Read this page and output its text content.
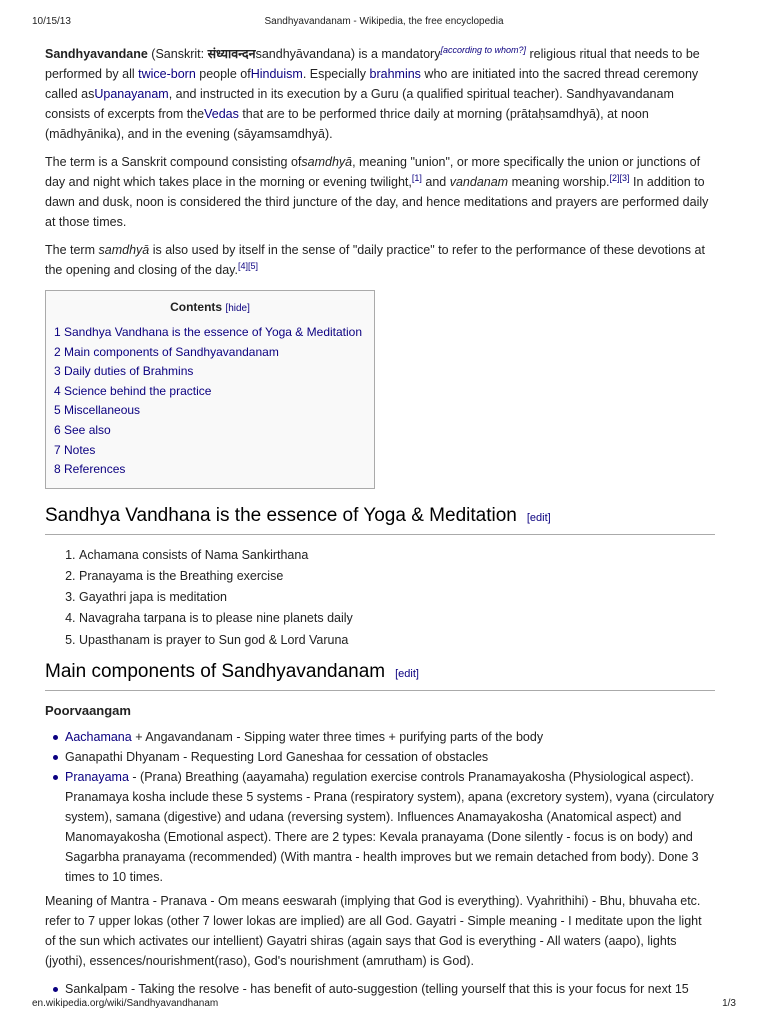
10/15/13	Sandhyavandanam - Wikipedia, the free encyclopedia

Sandhyavandane (Sanskrit: संध्यावन्दनsandhyāvandana) is a mandatory[according to whom?] religious ritual that needs to be performed by all twice-born people ofHinduism. Especially brahmins who are initiated into the sacred thread ceremony called asUpanayanam, and instructed in its execution by a Guru (a qualified spiritual teacher). Sandhyavandanam consists of excerpts from theVedas that are to be performed thrice daily at morning (prātaḥsamdhyā), at noon (mādhyānika), and in the evening (sāyamsamdhyā).

The term is a Sanskrit compound consisting ofsamdhyā, meaning "union", or more specifically the union or junctions of day and night which takes place in the morning or evening twilight,[1] and vandanam meaning worship.[2][3] In addition to dawn and dusk, noon is considered the third juncture of the day, and hence meditations and prayers are performed daily at those times.

The term samdhyā is also used by itself in the sense of "daily practice" to refer to the performance of these devotions at the opening and closing of the day.[4][5]

Contents [hide]
1 Sandhya Vandhana is the essence of Yoga & Meditation
2 Main components of Sandhyavandanam
3 Daily duties of Brahmins
4 Science behind the practice
5 Miscellaneous
6 See also
7 Notes
8 References
Sandhya Vandhana is the essence of Yoga & Meditation [edit]
1. Achamana consists of Nama Sankirthana
2. Pranayama is the Breathing exercise
3. Gayathri japa is meditation
4. Navagraha tarpana is to please nine planets daily
5. Upasthanam is prayer to Sun god & Lord Varuna
Main components of Sandhyavandanam [edit]
Poorvaangam
Aachamana + Angavandanam - Sipping water three times + purifying parts of the body
Ganapathi Dhyanam - Requesting Lord Ganeshaa for cessation of obstacles
Pranayama - (Prana) Breathing (aayamaha) regulation exercise controls Pranamayakosha (Physiological aspect). Pranamaya kosha include these 5 systems - Prana (respiratory system), apana (excretory system), vyana (circulatory system), samana (digestive) and udana (reversing system). Influences Anamayakosha (Anatomical aspect) and Manomayakosha (Emotional aspect). There are 2 types: Kevala pranayama (Done silently - focus is on body) and Sagarbha pranayama (recommended) (With mantra - health improves but we remain detached from body). Done 3 times to 10 times.

Meaning of Mantra - Pranava - Om means eeswarah (implying that God is everything). Vyahrithihi) - Bhu, bhuvaha etc. refer to 7 upper lokas (other 7 lower lokas are implied) are all God. Gayatri - Simple meaning - I meditate upon the light of the sun which activates our intellient) Gayatri shiras (again says that God is everything - All waters (aapo), lights (jyothi), essences/nourishment(raso), God's nourishment (amrutham) is God).

Sankalpam - Taking the resolve - has benefit of auto-suggestion (telling yourself that this is your focus for next 15
en.wikipedia.org/wiki/Sandhyavandhanam	1/3
